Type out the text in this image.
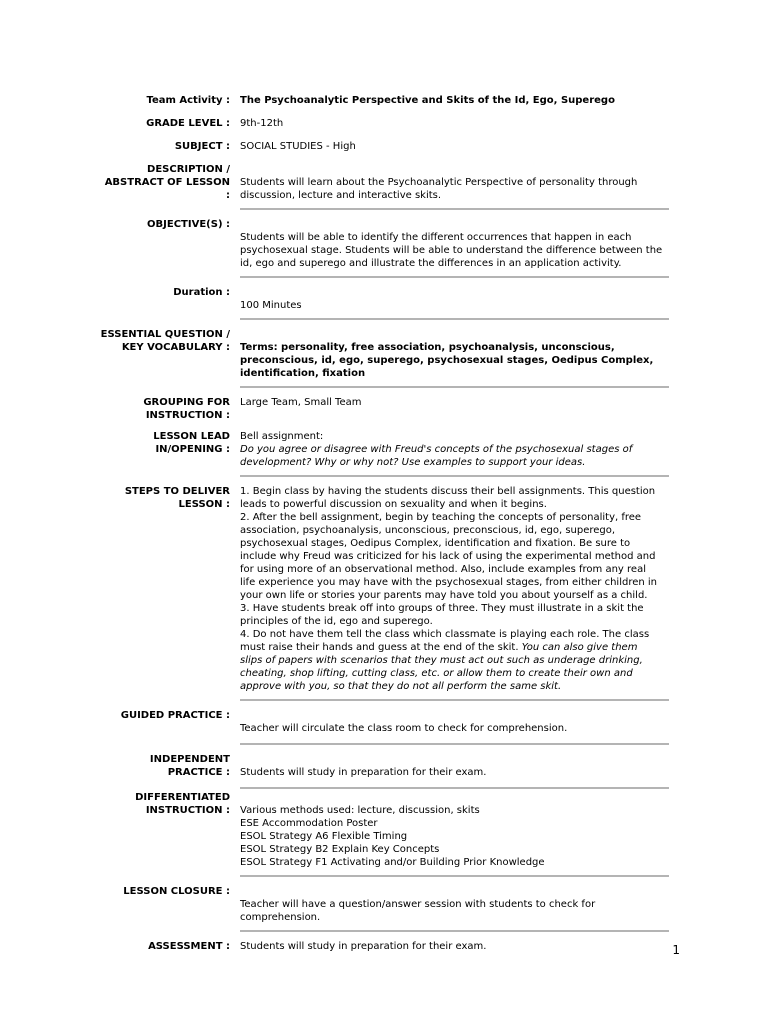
Team Activity :	The Psychoanalytic Perspective and Skits of the Id, Ego, Superego
GRADE LEVEL :	9th-12th
SUBJECT :	SOCIAL STUDIES - High
DESCRIPTION /
ABSTRACT OF LESSON :

Students will learn about the Psychoanalytic Perspective of personality through
discussion, lecture and interactive skits.

OBJECTIVE(S) :

Students will be able to identify the different occurrences that happen in each
psychosexual stage. Students will be able to understand the difference between the
id, ego and superego and illustrate the differences in an application activity.

Duration :

100 Minutes

ESSENTIAL QUESTION /
KEY VOCABULARY :	Terms: personality, free association, psychoanalysis, unconscious,
preconscious, id, ego, superego, psychosexual stages, Oedipus Complex,
identification, fixation

GROUPING FOR
INSTRUCTION :
Large Team, Small Team
LESSON LEAD
IN/OPENING :
Bell assignment:
Do you agree or disagree with Freud's concepts of the psychosexual stages of
development? Why or why not? Use examples to support your ideas.
STEPS TO DELIVER
LESSON :
1. Begin class by having the students discuss their bell assignments. This question
leads to powerful discussion on sexuality and when it begins.
2. After the bell assignment, begin by teaching the concepts of personality, free
association, psychoanalysis, unconscious, preconscious, id, ego, superego,
psychosexual stages, Oedipus Complex, identification and fixation. Be sure to
include why Freud was criticized for his lack of using the experimental method and
for using more of an observational method. Also, include examples from any real
life experience you may have with the psychosexual stages, from either children in
your own life or stories your parents may have told you about yourself as a child.
3. Have students break off into groups of three. They must illustrate in a skit the
principles of the id, ego and superego.
4. Do not have them tell the class which classmate is playing each role. The class
must raise their hands and guess at the end of the skit. You can also give them
slips of papers with scenarios that they must act out such as underage drinking,
cheating, shop lifting, cutting class, etc. or allow them to create their own and
approve with you, so that they do not all perform the same skit.
GUIDED PRACTICE :

Teacher will circulate the class room to check for comprehension.

INDEPENDENT
PRACTICE :	Students will study in preparation for their exam.

DIFFERENTIATED
INSTRUCTION :	Various methods used: lecture, discussion, skits
ESE Accommodation Poster
ESOL Strategy A6 Flexible Timing
ESOL Strategy B2 Explain Key Concepts
ESOL Strategy F1 Activating and/or Building Prior Knowledge

LESSON CLOSURE :

Teacher will have a question/answer session with students to check for
comprehension.

ASSESSMENT :	Students will study in preparation for their exam.	1
